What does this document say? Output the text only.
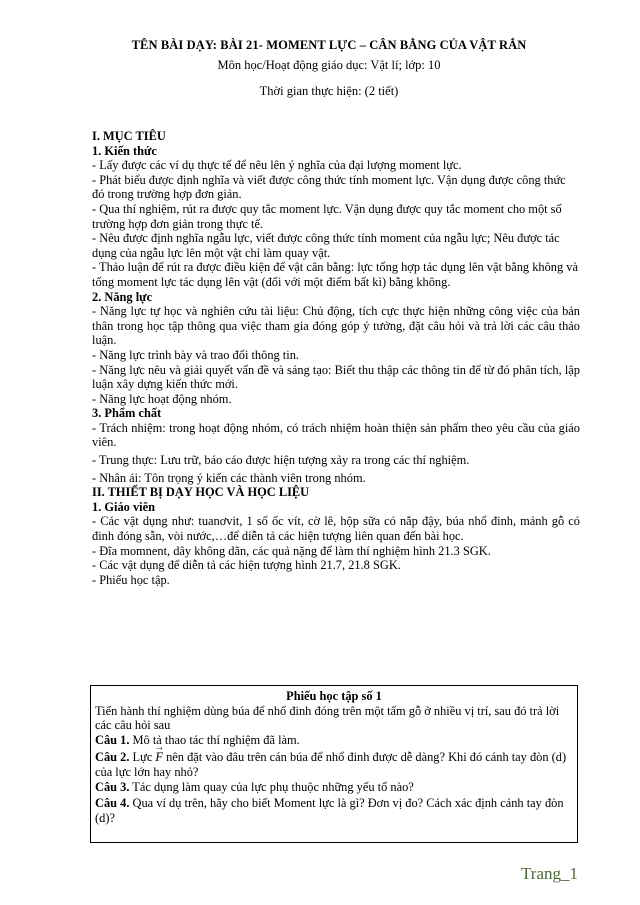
TÊN BÀI DẠY: BÀI 21- MOMENT LỰC – CÂN BẰNG CỦA VẬT RẮN
Môn học/Hoạt động giáo dục: Vật lí; lớp: 10
Thời gian thực hiện: (2 tiết)

I. MỤC TIÊU

1. Kiến thức

- Lấy được các ví dụ thực tế để nêu lên ý nghĩa của đại lượng moment lực.

- Phát biểu được định nghĩa và viết được công thức tính moment lực. Vận dụng được công thức đó trong trường hợp đơn giản.

- Qua thí nghiệm, rút ra được quy tắc moment lực. Vận dụng được quy tắc moment cho một số trường hợp đơn giản trong thực tế.

- Nêu được định nghĩa ngẫu lực, viết được công thức tính moment của ngẫu lực; Nêu được tác dụng của ngẫu lực lên một vật chỉ làm quay vật.

- Thảo luận để rút ra được điều kiện để vật cân bằng: lực tổng hợp tác dụng lên vật bằng không và tổng moment lực tác dụng lên vật (đối với một điểm bất kì) bằng không.

2. Năng lực

- Năng lực tự học và nghiên cứu tài liệu: Chủ động, tích cực thực hiện những công việc của bản thân trong học tập thông qua việc tham gia đóng góp ý tưởng, đặt câu hỏi và trả lời các câu thảo luận.

- Năng lực trình bày và trao đổi thông tin.

- Năng lực nêu và giải quyết vấn đề và sáng tạo: Biết thu thập các thông tin để từ đó phân tích, lập luận xây dựng kiến thức mới.

- Năng lực hoạt động nhóm.

3. Phẩm chất

- Trách nhiệm: trong hoạt động nhóm, có trách nhiệm hoàn thiện sản phẩm theo yêu cầu của giáo viên.

- Trung thực: Lưu trữ, báo cáo được hiện tượng xảy ra trong các thí nghiệm.

- Nhân ái: Tôn trọng ý kiến các thành viên trong nhóm.

II. THIẾT BỊ DẠY HỌC VÀ HỌC LIỆU

1. Giáo viên

- Các vật dụng như: tuanơvit, 1 số ốc vít, cờ lê, hộp sữa có nắp đậy, búa nhổ đinh, mảnh gỗ có đinh đóng sẵn, vòi nước,…để diễn tả các hiện tượng liên quan đến bài học.

- Đĩa momnent, dây không dãn, các quả nặng để làm thí nghiệm hình 21.3 SGK.

- Các vật dụng để diễn tả các hiện tượng hình 21.7, 21.8 SGK.

- Phiếu học tập.

Phiếu học tập số 1

Tiến hành thí nghiệm dùng búa để nhổ đinh đóng trên một tấm gỗ ở nhiều vị trí, sau đó trả lời các câu hỏi sau

Câu 1. Mô tả thao tác thí nghiệm đã làm.

Câu 2. Lực → F nên đặt vào đâu trên cán búa để nhổ đinh được dễ dàng? Khi đó cánh tay đòn (d) của lực lớn hay nhỏ?

Câu 3. Tác dụng làm quay của lực phụ thuộc những yếu tố nào?

Câu 4. Qua ví dụ trên, hãy cho biết Moment lực là gì? Đơn vị đo? Cách xác định cánh tay đòn (d)?

Trang_1
